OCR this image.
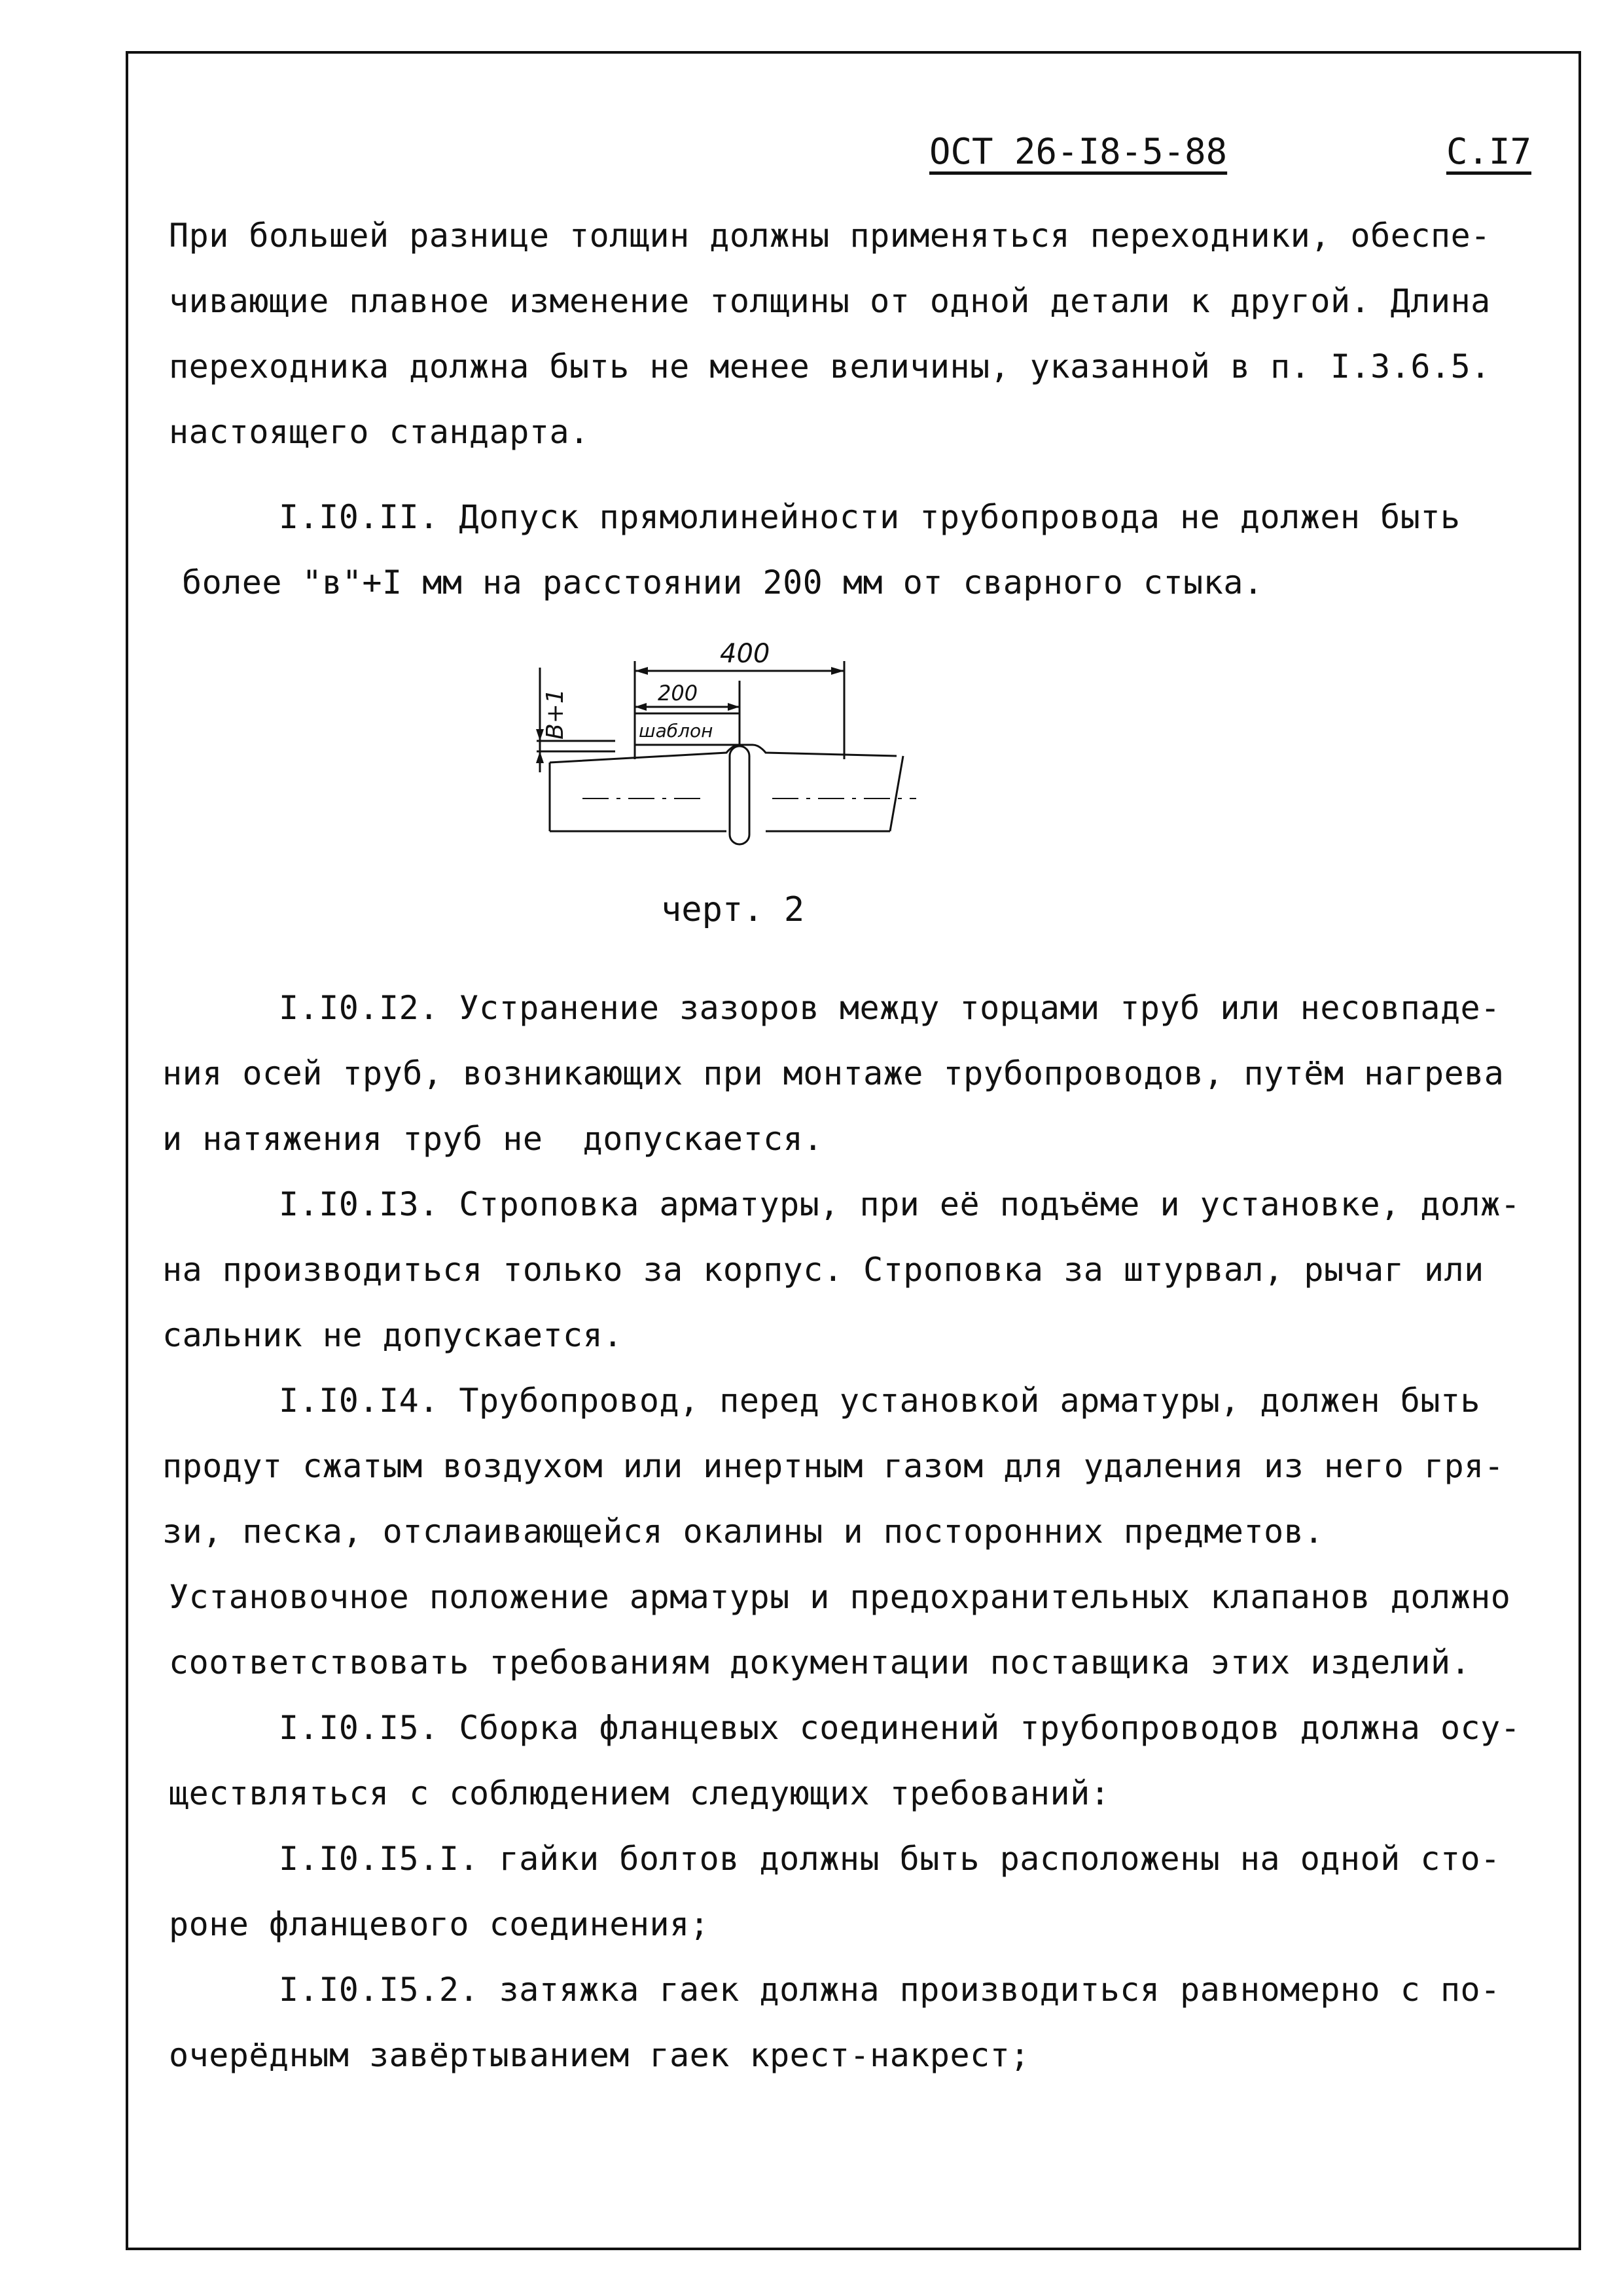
ОСТ 26-I8-5-88	С.I7
При большей разнице толщин должны применяться переходники, обеспе-
чивающие плавное изменение толщины от одной детали к другой. Длина
переходника должна быть не менее величины, указанной в п. I.3.6.5.
настоящего стандарта.
I.I0.II. Допуск прямолинейности трубопровода не должен быть
более "в"+I мм на расстоянии 200 мм от сварного стыка.
400
200
шаблон
В+1
черт. 2
I.I0.I2. Устранение зазоров между торцами труб или несовпаде-
ния осей труб, возникающих при монтаже трубопроводов, путём нагрева
и натяжения труб не  допускается.
I.I0.I3. Строповка арматуры, при её подъёме и установке, долж-
на производиться только за корпус. Строповка за штурвал, рычаг или
сальник не допускается.
I.I0.I4. Трубопровод, перед установкой арматуры, должен быть
продут сжатым воздухом или инертным газом для удаления из него гря-
зи, песка, отслаивающейся окалины и посторонних предметов.
Установочное положение арматуры и предохранительных клапанов должно
соответствовать требованиям документации поставщика этих изделий.
I.I0.I5. Сборка фланцевых соединений трубопроводов должна осу-
ществляться с соблюдением следующих требований:
I.I0.I5.I. гайки болтов должны быть расположены на одной сто-
роне фланцевого соединения;
I.I0.I5.2. затяжка гаек должна производиться равномерно с по-
очерёдным завёртыванием гаек крест-накрест;
